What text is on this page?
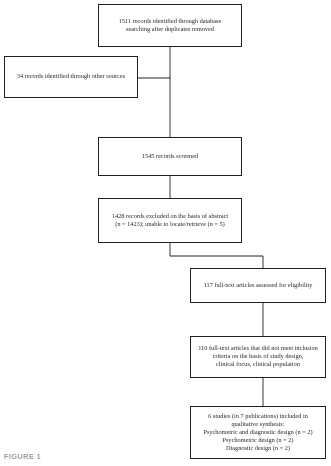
1511 records identified through database
searching after duplicates removed
34 records identified through other sources
1545 records screened
1428 records excluded on the basis of abstract
(n = 1423); unable to locate/retrieve (n = 5)
117 full-text articles assessed for eligibility
110 full-text articles that did not meet inclusion
criteria on the basis of study design,
clinical focus, clinical population
6 studies (in 7 publications) included in
qualitative synthesis:
Psychometric and diagnostic design (n = 2)
Psychometric design (n = 2)
Diagnostic design (n = 2)
FIGURE 1
